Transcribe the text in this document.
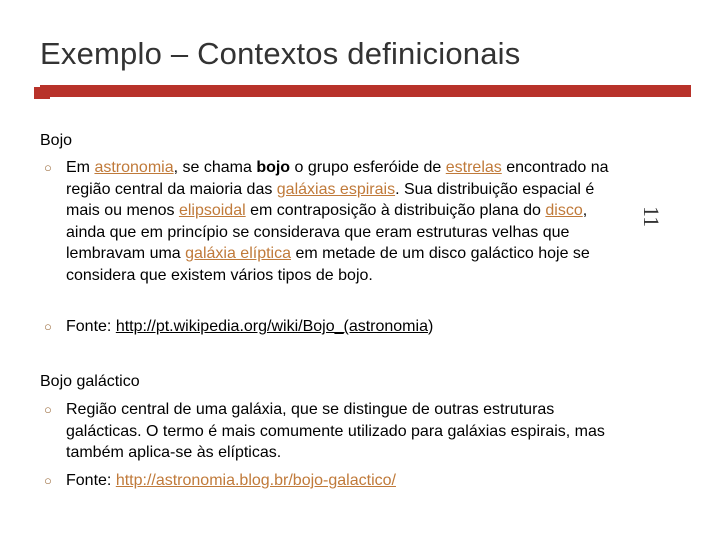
Exemplo – Contextos definicionais
11
Bojo
○ Em astronomia, se chama bojo o grupo esferóide de estrelas encontrado na região central da maioria das galáxias espirais. Sua distribuição espacial é mais ou menos elipsoidal em contraposição à distribuição plana do disco, ainda que em princípio se considerava que eram estruturas velhas que lembravam uma galáxia elíptica em metade de um disco galáctico hoje se considera que existem vários tipos de bojo.
○ Fonte: http://pt.wikipedia.org/wiki/Bojo_(astronomia)
Bojo galáctico
○ Região central de uma galáxia, que se distingue de outras estruturas galácticas. O termo é mais comumente utilizado para galáxias espirais, mas também aplica-se às elípticas.
○ Fonte: http://astronomia.blog.br/bojo-galactico/
